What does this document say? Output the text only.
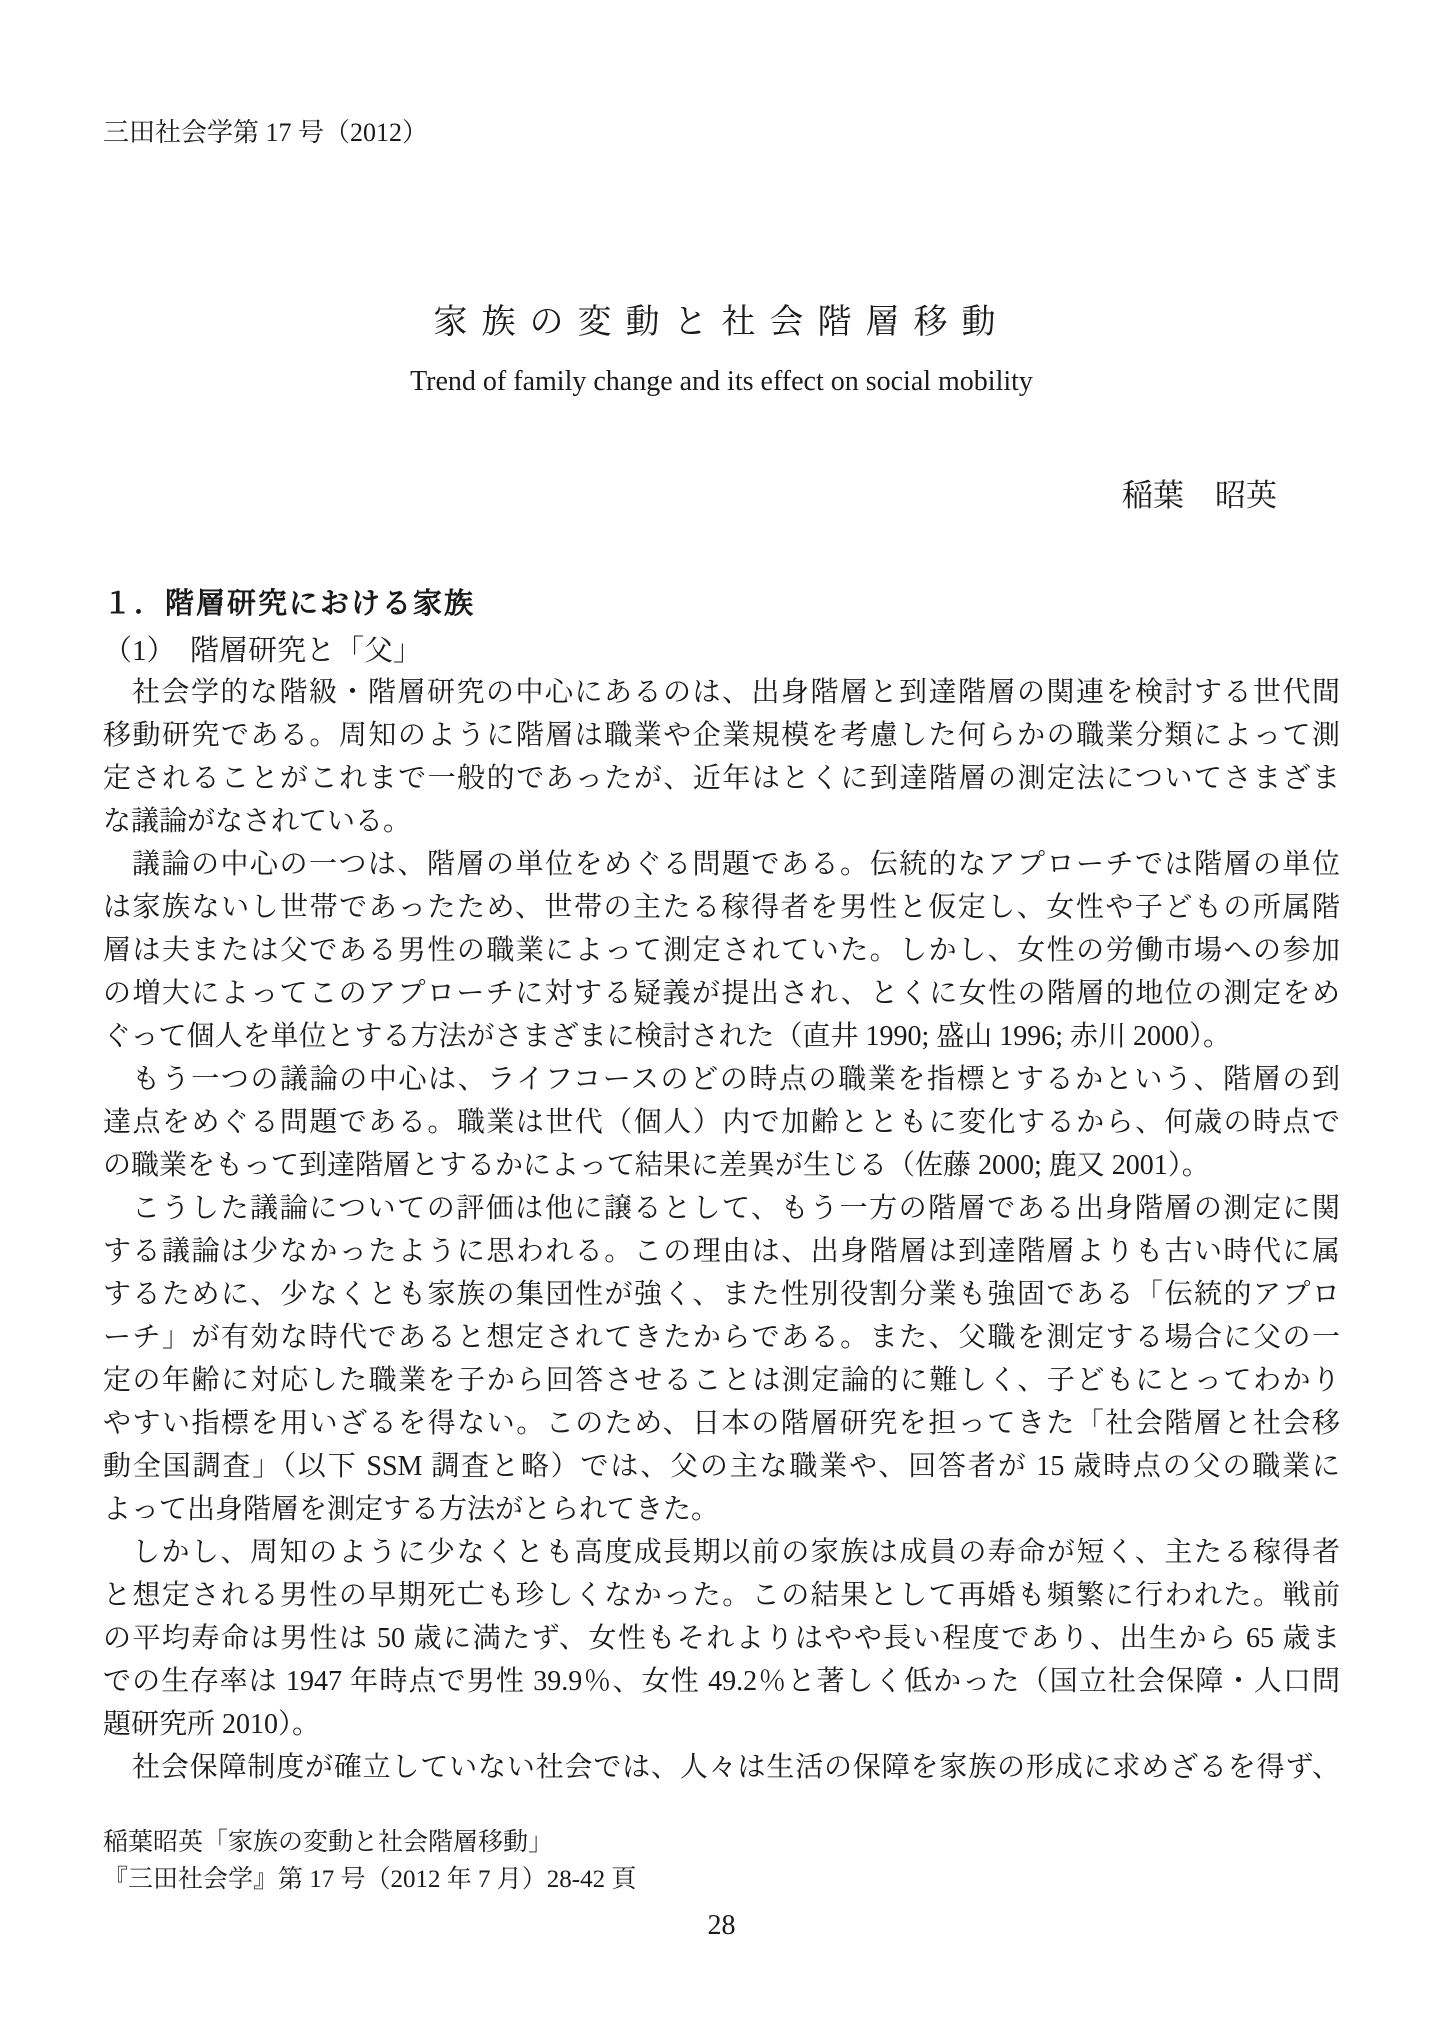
三田社会学第 17 号（2012）
家族の変動と社会階層移動
Trend of family change and its effect on social mobility
稲葉　昭英
１．階層研究における家族
（1）　階層研究と「父」
社会学的な階級・階層研究の中心にあるのは、出身階層と到達階層の関連を検討する世代間
移動研究である。周知のように階層は職業や企業規模を考慮した何らかの職業分類によって測
定されることがこれまで一般的であったが、近年はとくに到達階層の測定法についてさまざま
な議論がなされている。
議論の中心の一つは、階層の単位をめぐる問題である。伝統的なアプローチでは階層の単位
は家族ないし世帯であったため、世帯の主たる稼得者を男性と仮定し、女性や子どもの所属階
層は夫または父である男性の職業によって測定されていた。しかし、女性の労働市場への参加
の増大によってこのアプローチに対する疑義が提出され、とくに女性の階層的地位の測定をめ
ぐって個人を単位とする方法がさまざまに検討された（直井 1990; 盛山 1996; 赤川 2000）。
もう一つの議論の中心は、ライフコースのどの時点の職業を指標とするかという、階層の到
達点をめぐる問題である。職業は世代（個人）内で加齢とともに変化するから、何歳の時点で
の職業をもって到達階層とするかによって結果に差異が生じる（佐藤 2000; 鹿又 2001）。
こうした議論についての評価は他に譲るとして、もう一方の階層である出身階層の測定に関
する議論は少なかったように思われる。この理由は、出身階層は到達階層よりも古い時代に属
するために、少なくとも家族の集団性が強く、また性別役割分業も強固である「伝統的アプロ
ーチ」が有効な時代であると想定されてきたからである。また、父職を測定する場合に父の一
定の年齢に対応した職業を子から回答させることは測定論的に難しく、子どもにとってわかり
やすい指標を用いざるを得ない。このため、日本の階層研究を担ってきた「社会階層と社会移
動全国調査」（以下 SSM 調査と略）では、父の主な職業や、回答者が 15 歳時点の父の職業に
よって出身階層を測定する方法がとられてきた。
しかし、周知のように少なくとも高度成長期以前の家族は成員の寿命が短く、主たる稼得者
と想定される男性の早期死亡も珍しくなかった。この結果として再婚も頻繁に行われた。戦前
の平均寿命は男性は 50 歳に満たず、女性もそれよりはやや長い程度であり、出生から 65 歳ま
での生存率は 1947 年時点で男性 39.9％、女性 49.2％と著しく低かった（国立社会保障・人口問
題研究所 2010）。
社会保障制度が確立していない社会では、人々は生活の保障を家族の形成に求めざるを得ず、
稲葉昭英「家族の変動と社会階層移動」
『三田社会学』第 17 号（2012 年 7 月）28-42 頁
28
